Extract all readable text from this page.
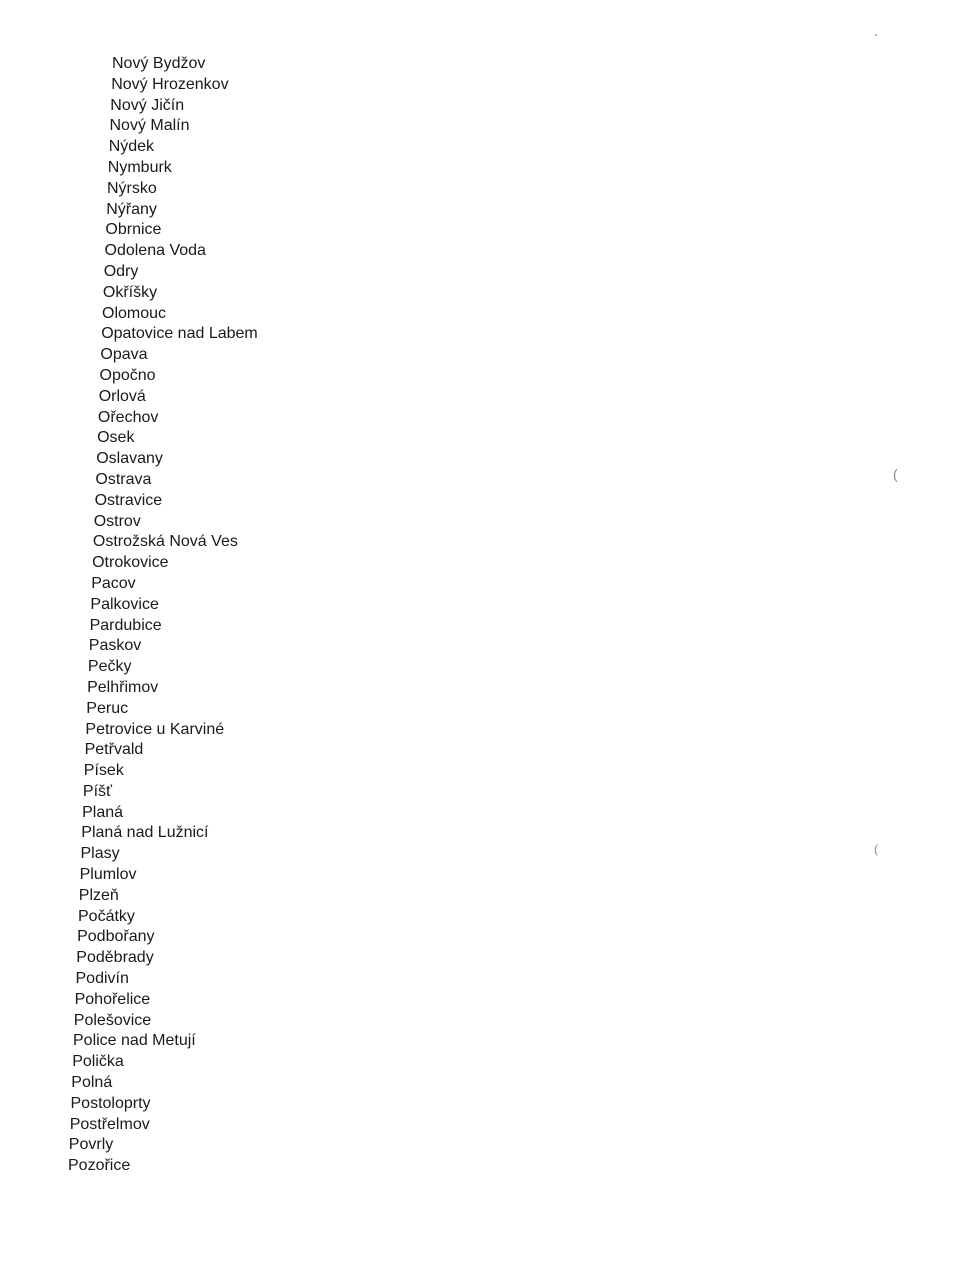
Nový Bydžov
Nový Hrozenkov
Nový Jičín
Nový Malín
Nýdek
Nymburk
Nýrsko
Nýřany
Obrnice
Odolena Voda
Odry
Okříšky
Olomouc
Opatovice nad Labem
Opava
Opočno
Orlová
Ořechov
Osek
Oslavany
Ostrava
Ostravice
Ostrov
Ostrožská Nová Ves
Otrokovice
Pacov
Palkovice
Pardubice
Paskov
Pečky
Pelhřimov
Peruc
Petrovice u Karviné
Petřvald
Písek
Píšť
Planá
Planá nad Lužnicí
Plasy
Plumlov
Plzeň
Počátky
Podbořany
Poděbrady
Podivín
Pohořelice
Polešovice
Police nad Metují
Polička
Polná
Postoloprty
Postřelmov
Povrly
Pozořice
(
(
